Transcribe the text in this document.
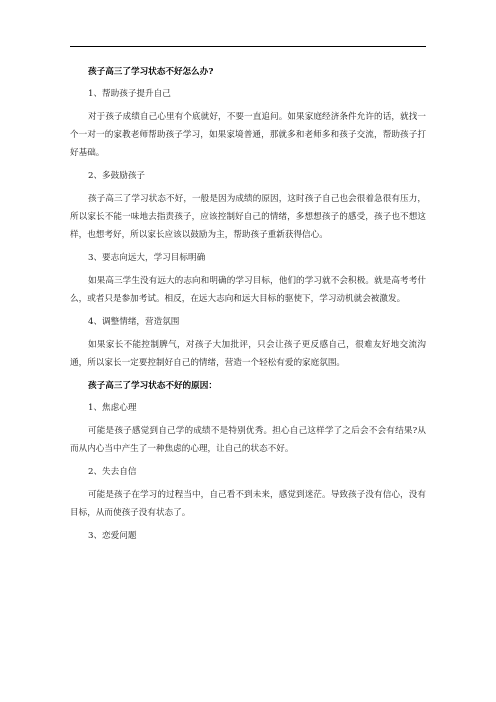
孩子高三了学习状态不好怎么办?

1、帮助孩子提升自己

对于孩子成绩自己心里有个底就好，不要一直追问。如果家庭经济条件允许的话，就找一个一对一的家教老师帮助孩子学习，如果家境普通，那就多和老师多和孩子交流，帮助孩子打好基础。

2、多鼓励孩子

孩子高三了学习状态不好，一般是因为成绩的原因，这时孩子自己也会很着急很有压力，所以家长不能一味地去指责孩子，应该控制好自己的情绪，多想想孩子的感受，孩子也不想这样，也想考好，所以家长应该以鼓励为主，帮助孩子重新获得信心。

3、要志向远大，学习目标明确

如果高三学生没有远大的志向和明确的学习目标，他们的学习就不会积极。就是高考考什么，或者只是参加考试。相反，在远大志向和远大目标的驱使下，学习动机就会被激发。

4、调整情绪，营造氛围

如果家长不能控制脾气，对孩子大加批评，只会让孩子更反感自己，很难友好地交流沟通，所以家长一定要控制好自己的情绪，营造一个轻松有爱的家庭氛围。

孩子高三了学习状态不好的原因：

1、焦虑心理

可能是孩子感觉到自己学的成绩不是特别优秀。担心自己这样学了之后会不会有结果?从而从内心当中产生了一种焦虑的心理，让自己的状态不好。

2、失去自信

可能是孩子在学习的过程当中，自己看不到未来，感觉到迷茫。导致孩子没有信心，没有目标，从而使孩子没有状态了。

3、恋爱问题
